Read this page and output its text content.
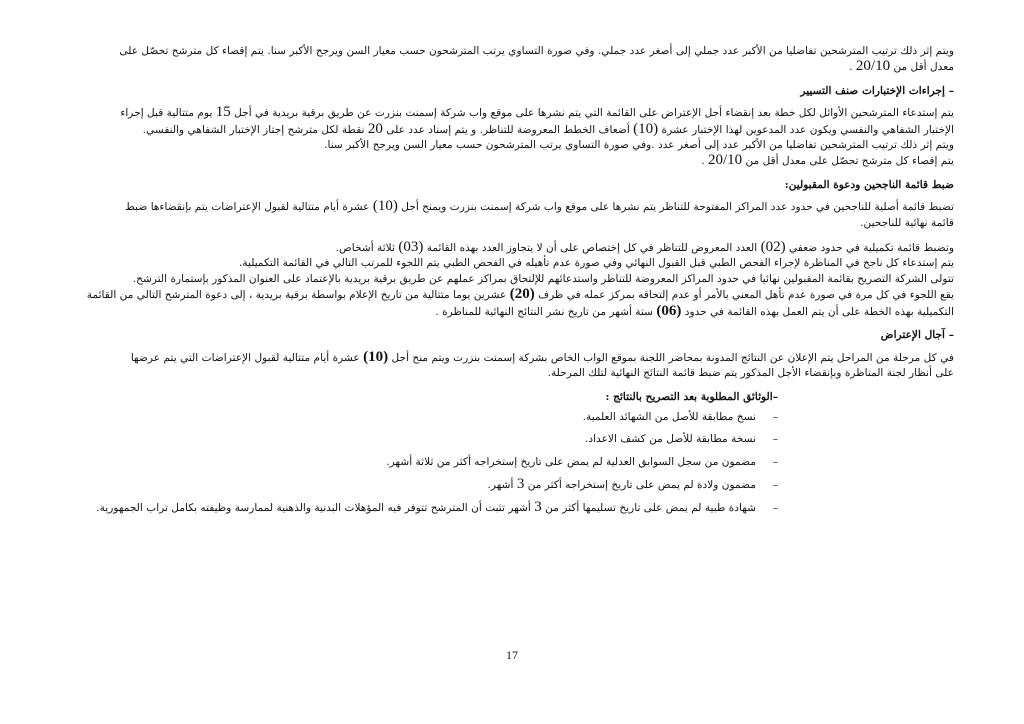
ويتم إثر ذلك ترتيب المترشحين تفاضليا من الأكبر عدد جملي إلى أصغر عدد جملي. وفي صورة التساوي يرتب المترشحون حسب معيار السن ويرجح الأكبر سنا. يتم إقصاء كل مترشح تحصّل على
معدل أقل من 20/10 .

– إجراءات الإختبارات صنف التسيير

يتم إستدعاء المترشحين الأوائل لكل خطة بعد إنقضاء أجل الإعتراض على القائمة التي يتم نشرها على موقع واب شركة إسمنت بنزرت عن طريق برقية بريدية في أجل 15 يوم متتالية قبل إجراء
الإختبار الشفاهي والنفسي ويكون عدد المدعوين لهذا الإختبار عشرة (10) أضعاف الخطط المعروضة للتناظر. و يتم إسناد عدد على 20 نقطة لكل مترشح إجتاز الإختبار الشفاهي والنفسي.

ويتم إثر ذلك ترتيب المترشحين تفاضليا من الأكبر عدد إلى أصغر عدد .وفي صورة التساوي يرتب المترشحون حسب معيار السن ويرجح الأكبر سنا.

يتم إقصاء كل مترشح تحصّل على معدل أقل من 20/10 .

ضبط قائمة الناجحين ودعوة المقبولين:

تضبط قائمة أصلية للناجحين في حدود عدد المراكز المفتوحة للتناظر يتم نشرها على موقع واب شركة إسمنت بنزرت ويمنح أجل (10) عشرة أيام متتالية لقبول الإعتراضات يتم بإنقضاءها ضبط
قائمة نهائية للناجحين.

وتضبط قائمة تكميلية في حدود ضعفي (02) العدد المعروض للتناظر في كل إختصاص على أن لا يتجاوز العدد بهذه القائمة (03) ثلاثة أشخاص.

يتم إستدعاء كل ناجح في المناظرة لإجراء الفحص الطبي قبل القبول النهائي وفي صورة عدم تأهيله في الفحص الطبي يتم اللجوء للمرتب التالي في القائمة التكميلية.

تتولى الشركة التصريح بقائمة المقبولين نهائيا في حدود المراكز المعروضة للتناظر واستدعائهم للإلتحاق بمراكز عملهم عن طريق برقية بريدية بالإعتماد على العنوان المذكور بإستمارة الترشح.

يقع اللجوء في كل مرة في صورة عدم تأهل المعني بالأمر أو عدم إلتحاقه بمركز عمله في ظرف (20) عشرين يوما متتالية من تاريخ الإعلام بواسطة برقية بريدية ، إلى دعوة المترشح التالي من القائمة
التكميلية بهذه الخطة على أن يتم العمل بهذه القائمة في حدود (06) ستة أشهر من تاريخ نشر النتائج النهائية للمناظرة .

– آجال الإعتراض

في كل مرحلة من المراحل يتم الإعلان عن النتائج المدونة بمحاضر اللجنة بموقع الواب الخاص بشركة إسمنت بنزرت ويتم منح أجل (10) عشرة أيام متتالية لقبول الإعتراضات التي يتم عرضها
على أنظار لجنة المناظرة وبإنقضاء الأجل المذكور يتم ضبط قائمة النتائج النهائية لتلك المرحلة.

–الوثائق المطلوبة بعد التصريح بالنتائج :
–نسخ مطابقة للأصل من الشهائد العلمية.
–نسخة مطابقة للأصل من كشف الاعداد.
–مضمون من سجل السوابق العدلية لم يمض على تاريخ إستخراجه أكثر من ثلاثة أشهر.
–مضمون ولادة لم يمض على تاريخ إستخراجه أكثر من 3 أشهر.
–شهادة طبية لم يمض على تاريخ تسليمها أكثر من 3 أشهر تثبت أن المترشح تتوفر فيه المؤهلات البدنية والذهنية لممارسة وظيفته بكامل تراب الجمهورية.
17
